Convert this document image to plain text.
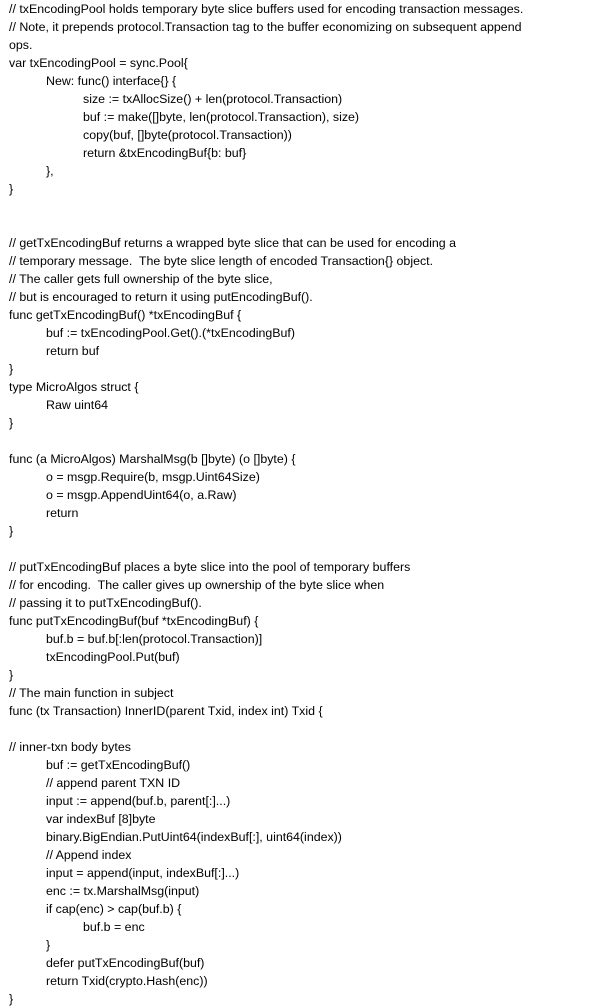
// txEncodingPool holds temporary byte slice buffers used for encoding transaction messages.
// Note, it prepends protocol.Transaction tag to the buffer economizing on subsequent append
ops.
var txEncodingPool = sync.Pool{
New: func() interface{} {
size := txAllocSize() + len(protocol.Transaction)
buf := make([]byte, len(protocol.Transaction), size)
copy(buf, []byte(protocol.Transaction))
return &txEncodingBuf{b: buf}
},
}
// getTxEncodingBuf returns a wrapped byte slice that can be used for encoding a
// temporary message.  The byte slice length of encoded Transaction{} object.
// The caller gets full ownership of the byte slice,
// but is encouraged to return it using putEncodingBuf().
func getTxEncodingBuf() *txEncodingBuf {
buf := txEncodingPool.Get().(*txEncodingBuf)
return buf
}
type MicroAlgos struct {
Raw uint64
}
func (a MicroAlgos) MarshalMsg(b []byte) (o []byte) {
o = msgp.Require(b, msgp.Uint64Size)
o = msgp.AppendUint64(o, a.Raw)
return
}
// putTxEncodingBuf places a byte slice into the pool of temporary buffers
// for encoding.  The caller gives up ownership of the byte slice when
// passing it to putTxEncodingBuf().
func putTxEncodingBuf(buf *txEncodingBuf) {
buf.b = buf.b[:len(protocol.Transaction)]
txEncodingPool.Put(buf)
}
// The main function in subject
func (tx Transaction) InnerID(parent Txid, index int) Txid {
// inner-txn body bytes
buf := getTxEncodingBuf()
// append parent TXN ID
input := append(buf.b, parent[:]...)
var indexBuf [8]byte
binary.BigEndian.PutUint64(indexBuf[:], uint64(index))
// Append index
input = append(input, indexBuf[:]...)
enc := tx.MarshalMsg(input)
if cap(enc) > cap(buf.b) {
buf.b = enc
}
defer putTxEncodingBuf(buf)
return Txid(crypto.Hash(enc))
}
